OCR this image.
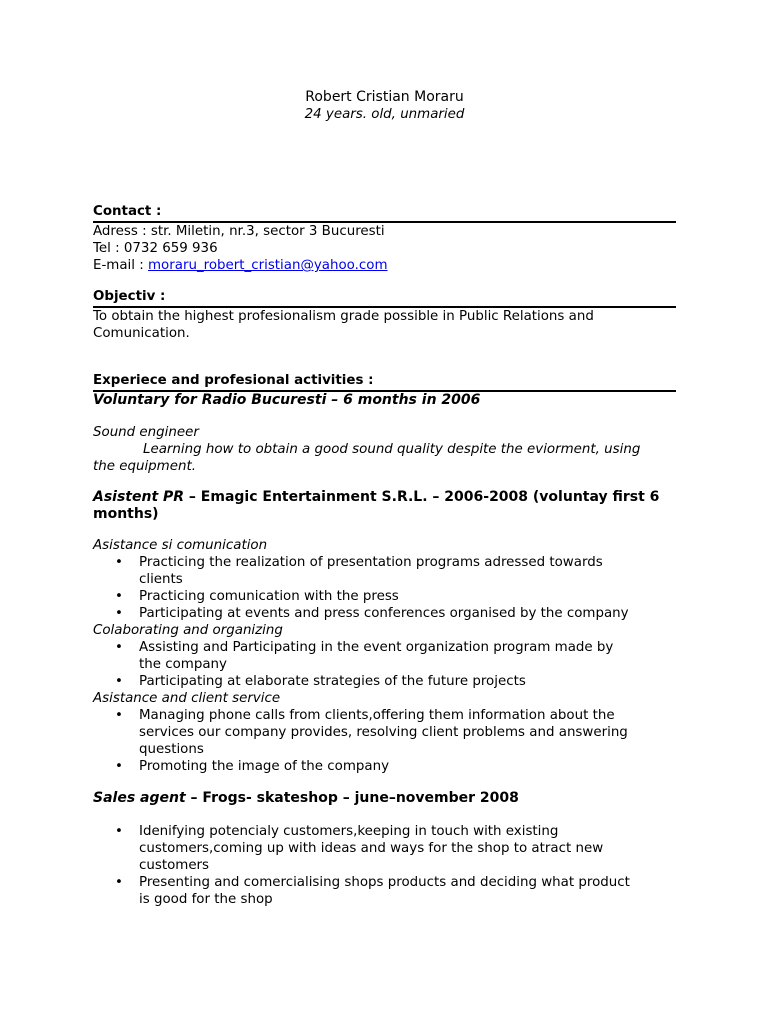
Robert Cristian Moraru
24 years. old, unmaried
Contact :
Adress : str. Miletin, nr.3, sector 3 Bucuresti
Tel : 0732 659 936
E-mail : moraru_robert_cristian@yahoo.com
Objectiv :
To obtain the highest profesionalism grade possible in Public Relations and
Comunication.
Experiece and profesional activities :
Voluntary for Radio Bucuresti – 6 months in 2006
Sound engineer
Learning how to obtain a good sound quality despite the eviorment, using
the equipment.
Asistent PR – Emagic Entertainment S.R.L. – 2006-2008 (voluntay first 6
months)
Asistance si comunication
• Practicing the realization of presentation programs adressed towards
clients
• Practicing comunication with the press
• Participating at events and press conferences organised by the company
Colaborating and organizing
• Assisting and Participating in the event organization program made by
the company
• Participating at elaborate strategies of the future projects
Asistance and client service
• Managing phone calls from clients,offering them information about the
services our company provides, resolving client problems and answering
questions
• Promoting the image of the company
Sales agent – Frogs- skateshop – june–november 2008
• Idenifying potencialy customers,keeping in touch with existing
customers,coming up with ideas and ways for the shop to atract new
customers
• Presenting and comercialising shops products and deciding what product
is good for the shop
